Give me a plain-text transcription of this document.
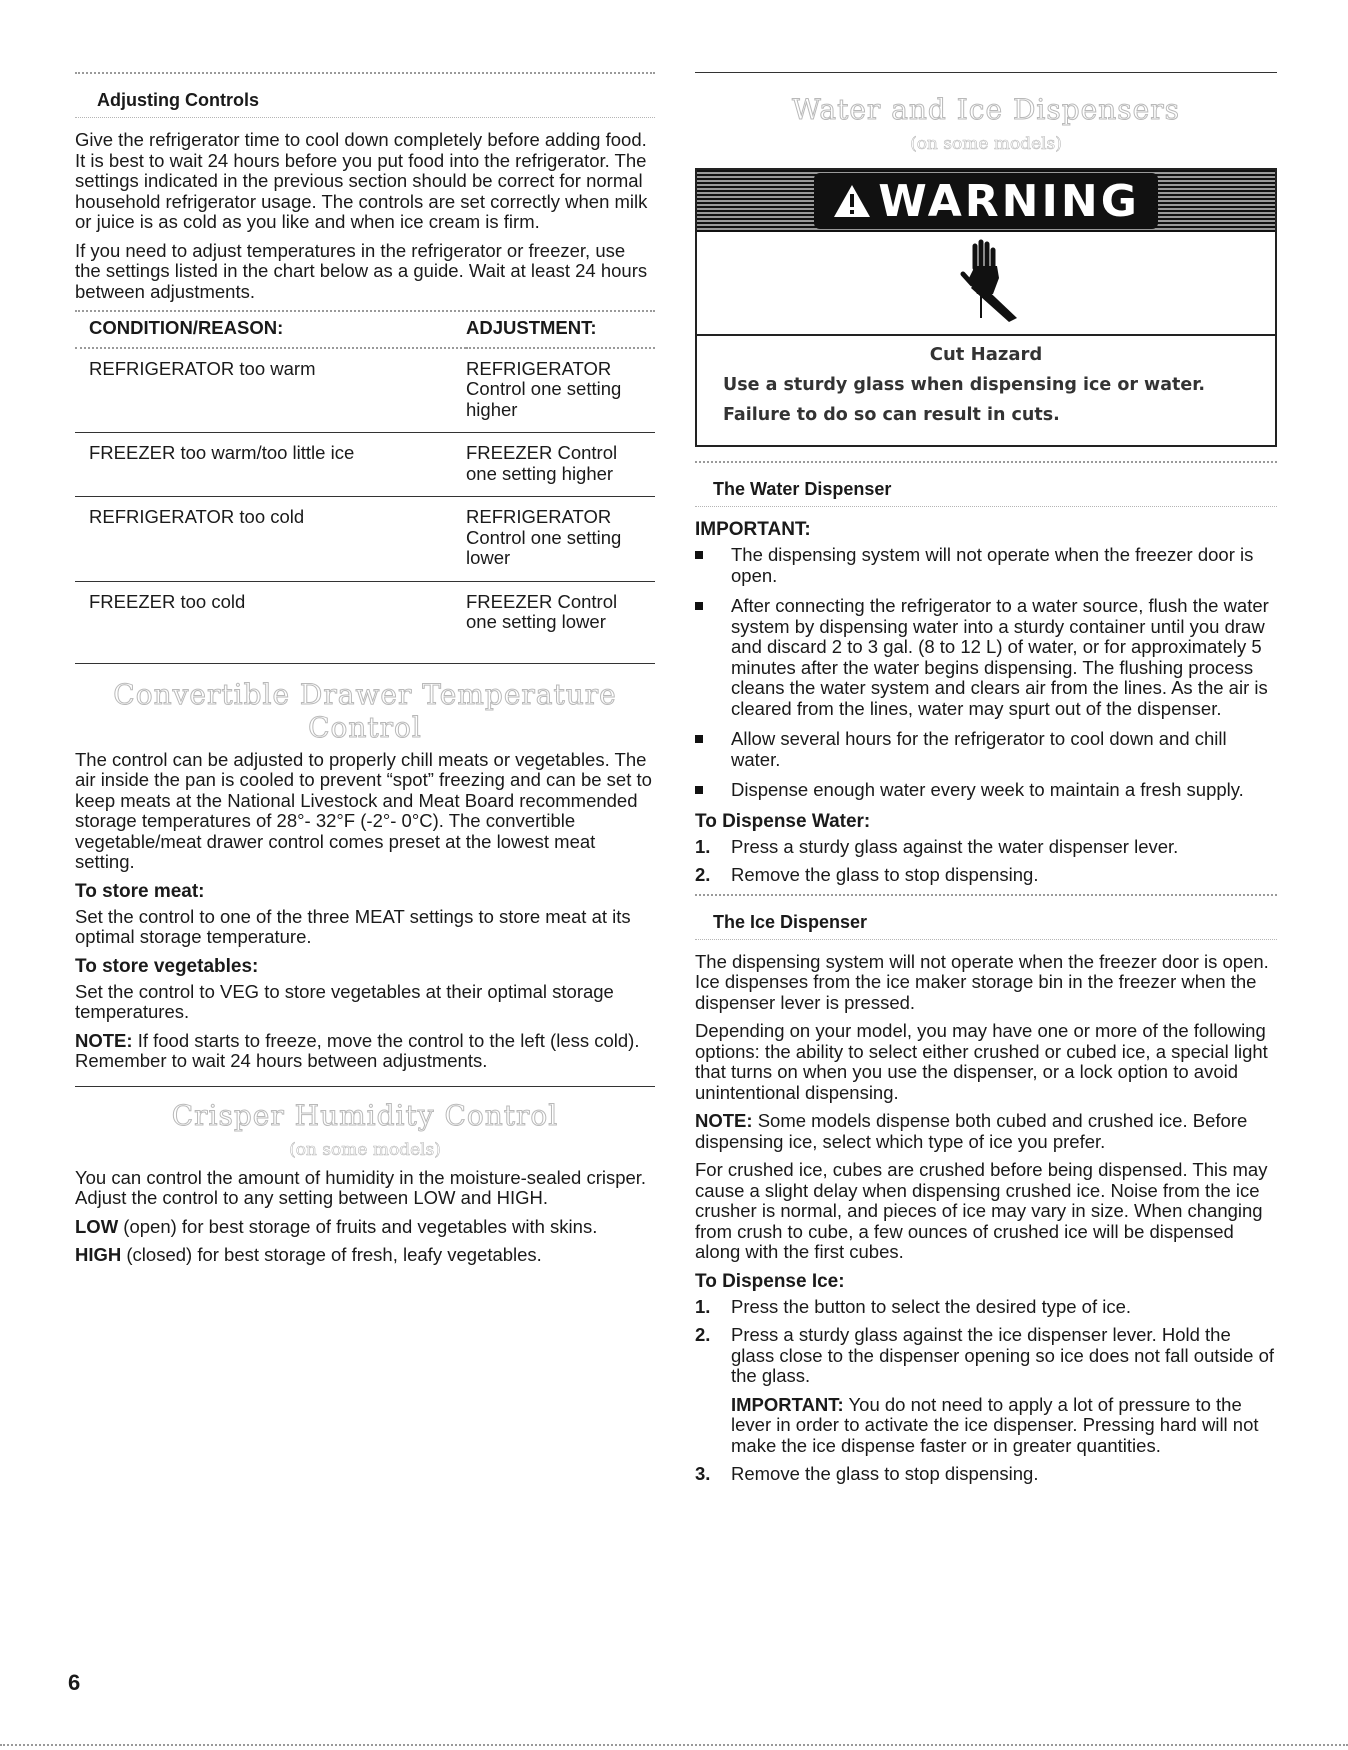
Adjusting Controls

Give the refrigerator time to cool down completely before adding food. It is best to wait 24 hours before you put food into the refrigerator. The settings indicated in the previous section should be correct for normal household refrigerator usage. The controls are set correctly when milk or juice is as cold as you like and when ice cream is firm.

If you need to adjust temperatures in the refrigerator or freezer, use the settings listed in the chart below as a guide. Wait at least 24 hours between adjustments.

CONDITION/REASON:	ADJUSTMENT:
REFRIGERATOR too warm	REFRIGERATOR Control one setting higher
FREEZER too warm/too little ice	FREEZER Control one setting higher
REFRIGERATOR too cold	REFRIGERATOR Control one setting lower
FREEZER too cold	FREEZER Control one setting lower
Convertible Drawer Temperature Control

The control can be adjusted to properly chill meats or vegetables. The air inside the pan is cooled to prevent “spot” freezing and can be set to keep meats at the National Livestock and Meat Board recommended storage temperatures of 28°- 32°F (-2°- 0°C). The convertible vegetable/meat drawer control comes preset at the lowest meat setting.

To store meat:

Set the control to one of the three MEAT settings to store meat at its optimal storage temperature.

To store vegetables:

Set the control to VEG to store vegetables at their optimal storage temperatures.

NOTE: If food starts to freeze, move the control to the left (less cold). Remember to wait 24 hours between adjustments.

Crisper Humidity Control
(on some models)

You can control the amount of humidity in the moisture-sealed crisper. Adjust the control to any setting between LOW and HIGH.

LOW (open) for best storage of fruits and vegetables with skins.

HIGH (closed) for best storage of fresh, leafy vegetables.

Water and Ice Dispensers
(on some models)
WARNING
Cut Hazard
Use a sturdy glass when dispensing ice or water.
Failure to do so can result in cuts.
The Water Dispenser
IMPORTANT:
The dispensing system will not operate when the freezer door is open.
After connecting the refrigerator to a water source, flush the water system by dispensing water into a sturdy container until you draw and discard 2 to 3 gal. (8 to 12 L) of water, or for approximately 5 minutes after the water begins dispensing. The flushing process cleans the water system and clears air from the lines. As the air is cleared from the lines, water may spurt out of the dispenser.
Allow several hours for the refrigerator to cool down and chill water.
Dispense enough water every week to maintain a fresh supply.
To Dispense Water:
1. Press a sturdy glass against the water dispenser lever.
2. Remove the glass to stop dispensing.
The Ice Dispenser

The dispensing system will not operate when the freezer door is open. Ice dispenses from the ice maker storage bin in the freezer when the dispenser lever is pressed.

Depending on your model, you may have one or more of the following options: the ability to select either crushed or cubed ice, a special light that turns on when you use the dispenser, or a lock option to avoid unintentional dispensing.

NOTE: Some models dispense both cubed and crushed ice. Before dispensing ice, select which type of ice you prefer.

For crushed ice, cubes are crushed before being dispensed. This may cause a slight delay when dispensing crushed ice. Noise from the ice crusher is normal, and pieces of ice may vary in size. When changing from crush to cube, a few ounces of crushed ice will be dispensed along with the first cubes.

To Dispense Ice:
1. Press the button to select the desired type of ice.
2. Press a sturdy glass against the ice dispenser lever. Hold the glass close to the dispenser opening so ice does not fall outside of the glass.
IMPORTANT: You do not need to apply a lot of pressure to the lever in order to activate the ice dispenser. Pressing hard will not make the ice dispense faster or in greater quantities.
3. Remove the glass to stop dispensing.
6
